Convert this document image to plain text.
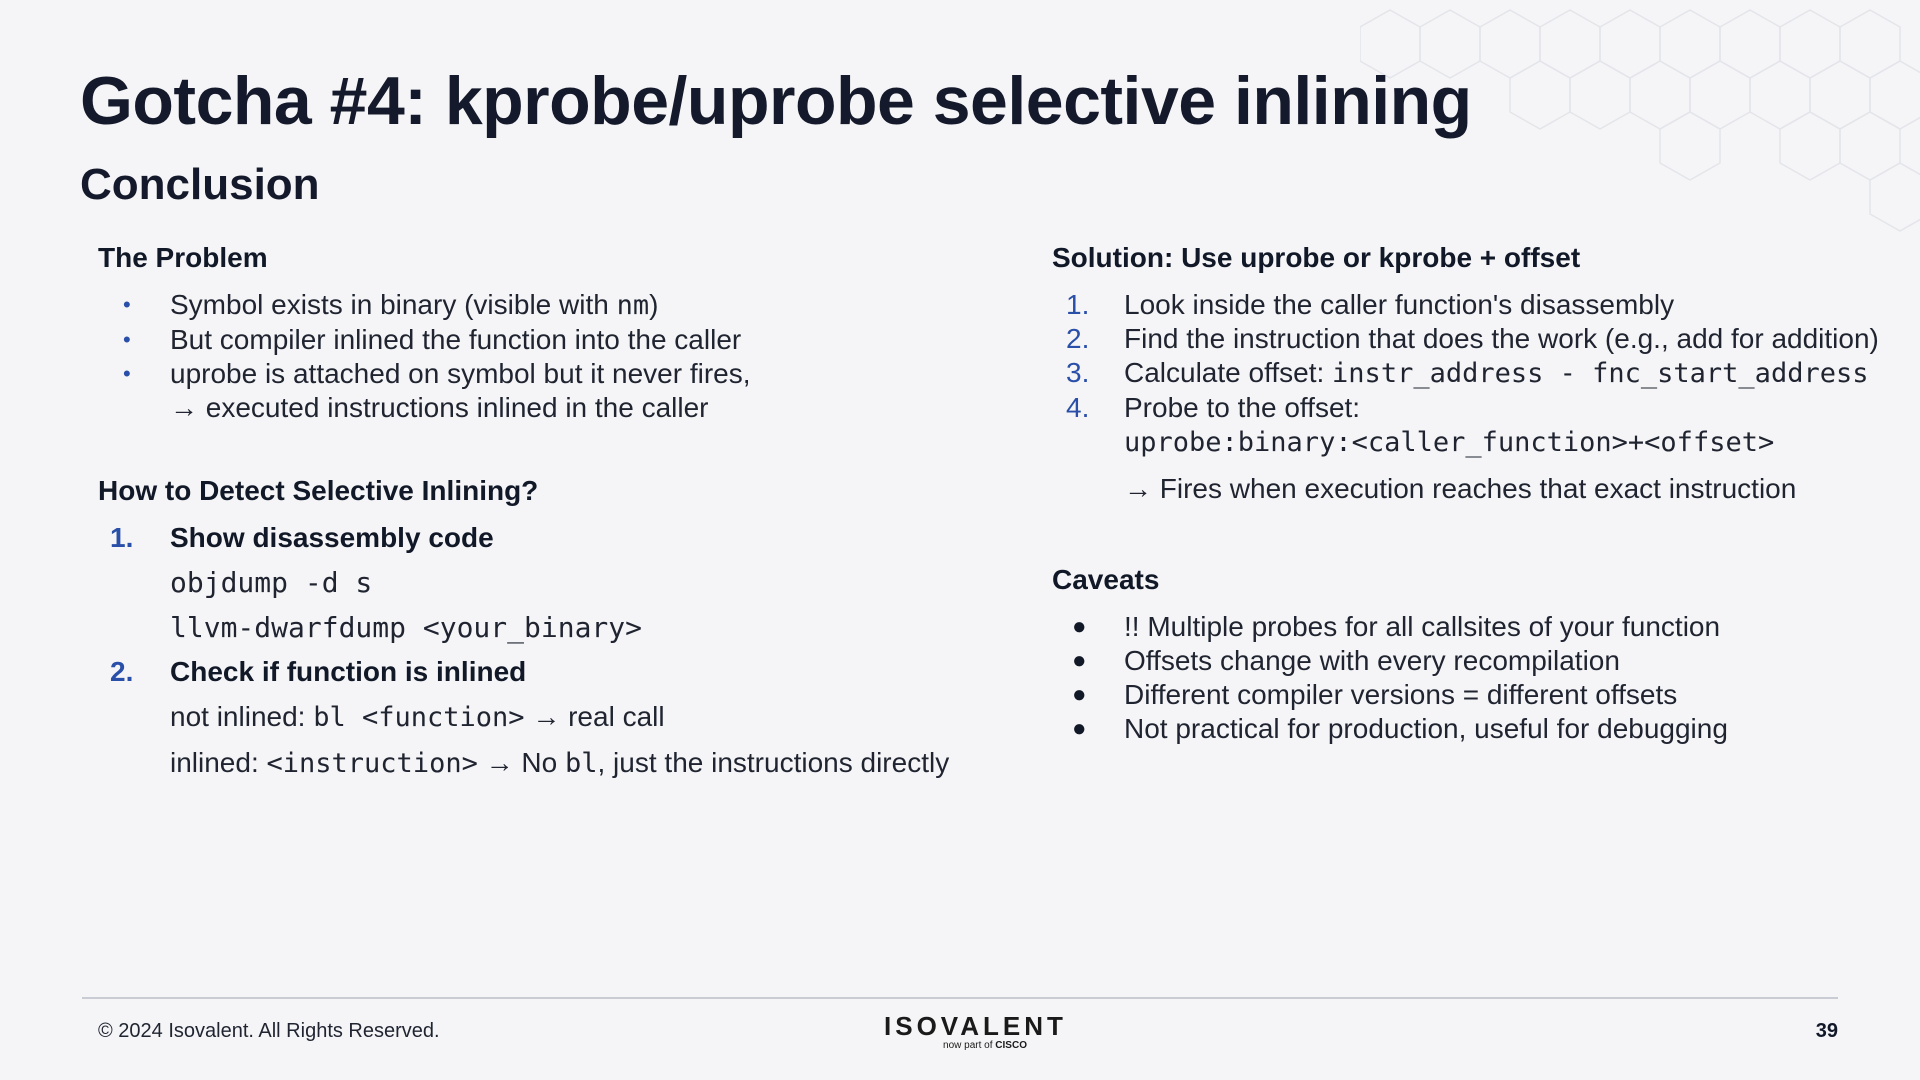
Gotcha #4: kprobe/uprobe selective inlining
Conclusion
The Problem
• Symbol exists in binary (visible with nm)
• But compiler inlined the function into the caller
• uprobe is attached on symbol but it never fires,
→ executed instructions inlined in the caller
How to Detect Selective Inlining?
1. Show disassembly code
objdump -d s
llvm-dwarfdump <your_binary>
2. Check if function is inlined
not inlined: bl <function> → real call
inlined: <instruction> → No bl, just the instructions directly
Solution: Use uprobe or kprobe + offset
1. Look inside the caller function's disassembly
2. Find the instruction that does the work (e.g., add for addition)
3. Calculate offset: instr_address - fnc_start_address
4. Probe to the offset:
uprobe:binary:<caller_function>+<offset>
→ Fires when execution reaches that exact instruction
Caveats
● !! Multiple probes for all callsites of your function
● Offsets change with every recompilation
● Different compiler versions = different offsets
● Not practical for production, useful for debugging
© 2024 Isovalent. All Rights Reserved.	ISOVALENT
now part of CISCO
39
